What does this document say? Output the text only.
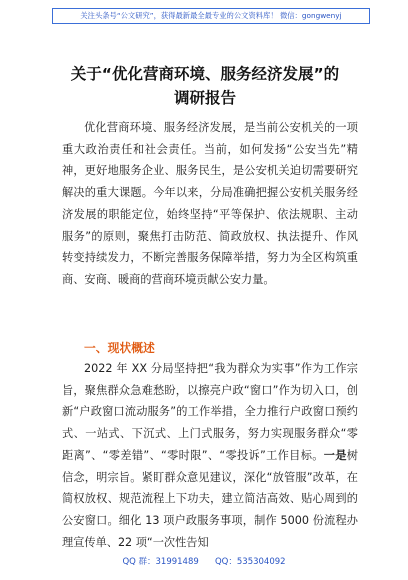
关注头条号“公文研究”，获得最新最全最专业的公文资料库！ 微信：gongwenyj
关于“优化营商环境、服务经济发展”的
调研报告
优化营商环境、服务经济发展，是当前公安机关的一项重大政治责任和社会责任。当前，如何发扬“公安当先”精神，更好地服务企业、服务民生，是公安机关迫切需要研究解决的重大课题。今年以来，分局准确把握公安机关服务经济发展的职能定位，始终坚持“平等保护、依法规职、主动服务”的原则，聚焦打击防范、简政放权、执法提升、作风转变持续发力，不断完善服务保障举措，努力为全区构筑重商、安商、暖商的营商环境贡献公安力量。
一、现状概述
2022 年 XX 分局坚持把“我为群众为实事”作为工作宗旨，聚焦群众急难愁盼，以擦亮户政“窗口”作为切入口，创新“户政窗口流动服务”的工作举措，全力推行户政窗口预约式、一站式、下沉式、上门式服务，努力实现服务群众“零距离”、“零差错”、“零时限”、“零投诉”工作目标。一是树信念，明宗旨。紧盯群众意见建议，深化“放管服”改革，在简权放权、规范流程上下功夫，建立简洁高效、贴心周到的公安窗口。细化 13 项户政服务事项，制作 5000 份流程办理宣传单、22 项“一次性告知
QQ 群：31991489      QQ：535304092
